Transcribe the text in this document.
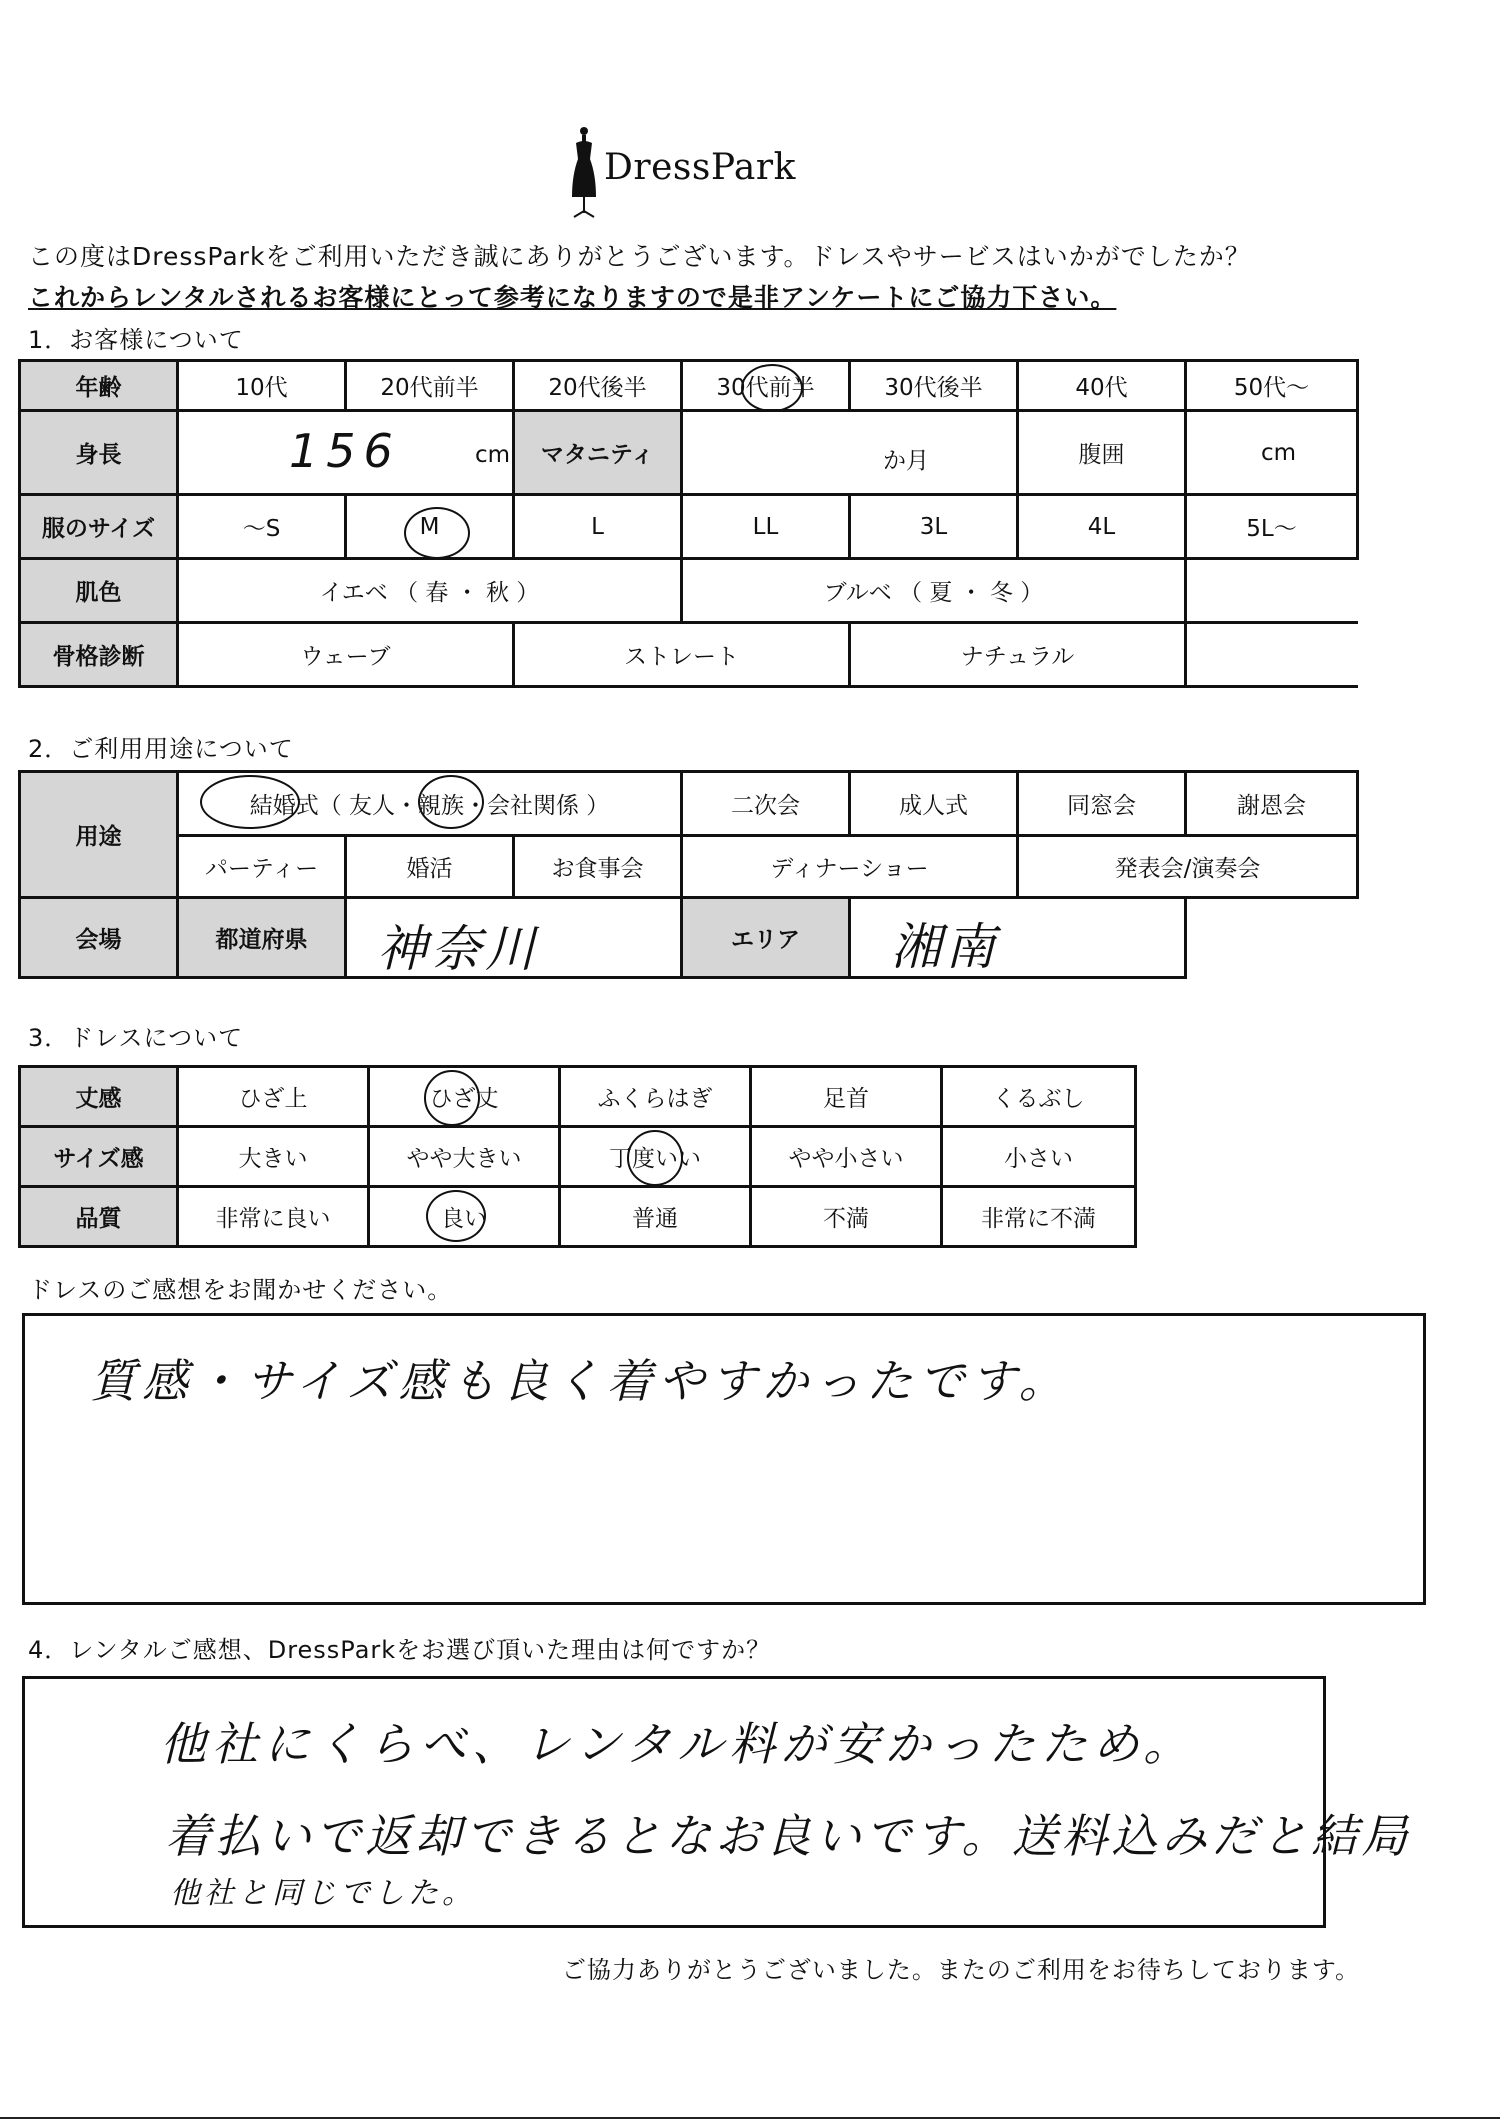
DressPark
この度はDressParkをご利用いただき誠にありがとうございます。ドレスやサービスはいかがでしたか？
これからレンタルされるお客様にとって参考になりますので是非アンケートにご協力下さい。
1．お客様について
年齢	10代	20代前半	20代後半	30代前半	30代後半	40代	50代～
身長	156 cm		マタニティ	か月		腹囲	cm
服のサイズ	～S	M	L	LL	3L	4L	5L～
肌色	イエベ （ 春 ・ 秋 ）			ブルベ （ 夏 ・ 冬 ）			
骨格診断	ウェーブ		ストレート		ナチュラル		
2．ご利用用途について
用途	結婚式（ 友人・親族・会社関係 ）			二次会	成人式	同窓会	謝恩会
	パーティー	婚活	お食事会	ディナーショー		発表会/演奏会	
会場	都道府県	神奈川		エリア	湘南		

3．ドレスについて
丈感	ひざ上	ひざ丈	ふくらはぎ	足首	くるぶし
サイズ感	大きい	やや大きい	丁度いい	やや小さい	小さい
品質	非常に良い	良い	普通	不満	非常に不満
ドレスのご感想をお聞かせください。
質感・サイズ感も良く着やすかったです。
4．レンタルご感想、DressParkをお選び頂いた理由は何ですか？
他社にくらべ、レンタル料が安かったため。
着払いで返却できるとなお良いです。送料込みだと結局
他社と同じでした。
ご協力ありがとうございました。またのご利用をお待ちしております。
